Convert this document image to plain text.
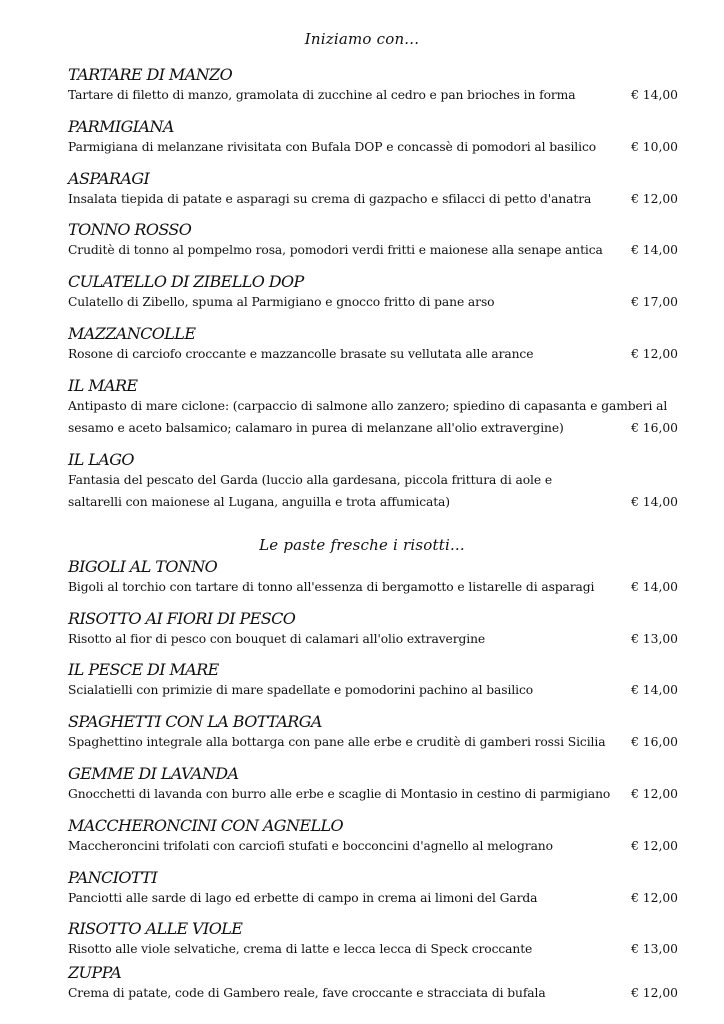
Iniziamo con...
TARTARE DI MANZO
Tartare di filetto di manzo, gramolata di zucchine al cedro e pan brioches in forma	€ 14,00
PARMIGIANA
Parmigiana di melanzane rivisitata con Bufala DOP e concassè di pomodori al basilico	€ 10,00
ASPARAGI
Insalata tiepida di patate e asparagi su crema di gazpacho e sfilacci di petto d'anatra	€ 12,00
TONNO ROSSO
Cruditè di tonno al pompelmo rosa, pomodori verdi fritti e maionese alla senape antica	€ 14,00
CULATELLO DI ZIBELLO DOP
Culatello di Zibello, spuma al Parmigiano e gnocco fritto di pane arso	€ 17,00
MAZZANCOLLE
Rosone di carciofo croccante e mazzancolle brasate su vellutata alle arance	€ 12,00
IL MARE
Antipasto di mare ciclone: (carpaccio di salmone allo zanzero; spiedino di capasanta e gamberi al
sesamo e aceto balsamico; calamaro in purea di melanzane all'olio extravergine)	€ 16,00
IL LAGO
Fantasia del pescato del Garda (luccio alla gardesana, piccola frittura di aole e
saltarelli con maionese al Lugana, anguilla e trota affumicata)	€ 14,00
Le paste fresche i risotti...
BIGOLI AL TONNO
Bigoli al torchio con tartare di tonno all'essenza di bergamotto e listarelle di asparagi	€ 14,00
RISOTTO AI FIORI DI PESCO
Risotto al fior di pesco con bouquet di calamari all'olio extravergine	€ 13,00
IL PESCE DI MARE
Scialatielli con primizie di mare spadellate e pomodorini pachino al basilico	€ 14,00
SPAGHETTI CON LA BOTTARGA
Spaghettino integrale alla bottarga con pane alle erbe e cruditè di gamberi rossi Sicilia	€ 16,00
GEMME DI LAVANDA
Gnocchetti di lavanda con burro alle erbe e scaglie di Montasio in cestino di parmigiano	€ 12,00
MACCHERONCINI CON AGNELLO
Maccheroncini trifolati con carciofi stufati e bocconcini d'agnello al melograno	€ 12,00
PANCIOTTI
Panciotti alle sarde di lago ed erbette di campo in crema ai limoni del Garda	€ 12,00
RISOTTO ALLE VIOLE
Risotto alle viole selvatiche, crema di latte e lecca lecca di Speck croccante	€ 13,00
ZUPPA
Crema di patate, code di Gambero reale, fave croccante e stracciata di bufala	€ 12,00
